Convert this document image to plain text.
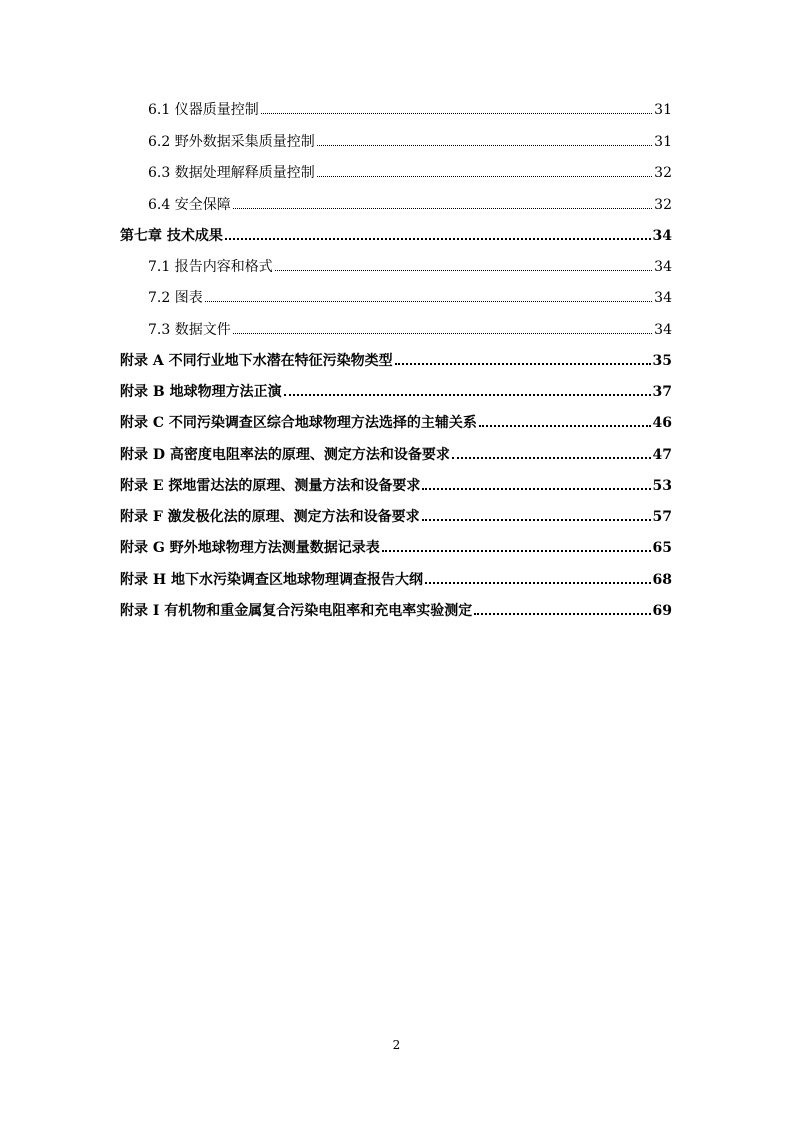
6.1 仪器质量控制	31
6.2 野外数据采集质量控制	31
6.3 数据处理解释质量控制	32
6.4 安全保障	32
第七章 技术成果	34
7.1 报告内容和格式	34
7.2 图表	34
7.3 数据文件	34
附录 A 不同行业地下水潜在特征污染物类型	35
附录 B 地球物理方法正演	37
附录 C 不同污染调查区综合地球物理方法选择的主辅关系	46
附录 D 高密度电阻率法的原理、测定方法和设备要求	47
附录 E 探地雷达法的原理、测量方法和设备要求	53
附录 F 激发极化法的原理、测定方法和设备要求	57
附录 G 野外地球物理方法测量数据记录表	65
附录 H 地下水污染调查区地球物理调查报告大纲	68
附录 I 有机物和重金属复合污染电阻率和充电率实验测定	69
2
